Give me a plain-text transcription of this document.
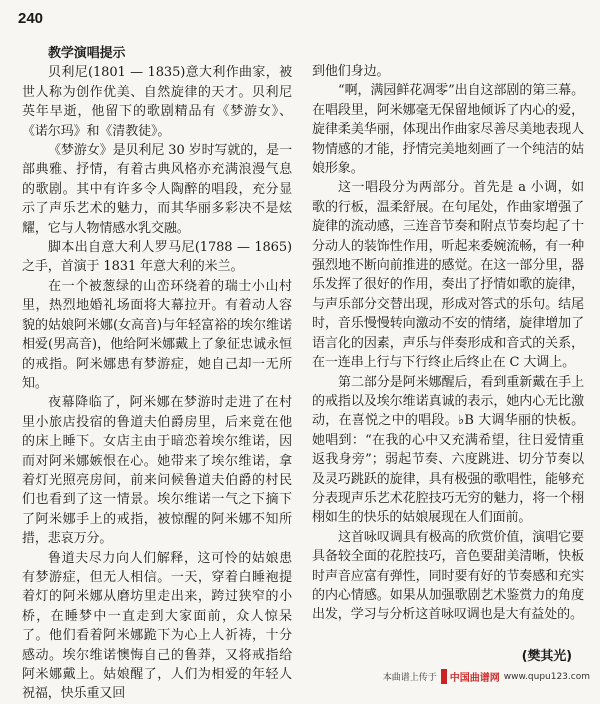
240

教学演唱提示

贝利尼(1801 — 1835)意大利作曲家，被世人称为创作优美、自然旋律的天才。贝利尼英年早逝，他留下的歌剧精品有《梦游女》、《诺尔玛》和《清教徒》。

《梦游女》是贝利尼 30 岁时写就的，是一部典雅、抒情，有着古典风格亦充满浪漫气息的歌剧。其中有许多令人陶醉的唱段，充分显示了声乐艺术的魅力，而其华丽多彩决不是炫耀，它与人物情感水乳交融。

脚本出自意大利人罗马尼(1788 — 1865)之手，首演于 1831 年意大利的米兰。

在一个被葱绿的山峦环绕着的瑞士小山村里，热烈地婚礼场面将大幕拉开。有着动人容貌的姑娘阿米娜(女高音)与年轻富裕的埃尔维诺相爱(男高音)，他给阿米娜戴上了象征忠诚永恒的戒指。阿米娜患有梦游症，她自己却一无所知。

夜幕降临了，阿米娜在梦游时走进了在村里小旅店投宿的鲁道夫伯爵房里，后来竟在他的床上睡下。女店主由于暗恋着埃尔维诺，因而对阿米娜嫉恨在心。她带来了埃尔维诺，拿着灯光照亮房间，前来问候鲁道夫伯爵的村民们也看到了这一情景。埃尔维诺一气之下摘下了阿米娜手上的戒指，被惊醒的阿米娜不知所措，悲哀万分。

鲁道夫尽力向人们解释，这可怜的姑娘患有梦游症，但无人相信。一天，穿着白睡袍提着灯的阿米娜从磨坊里走出来，跨过狭窄的小桥，在睡梦中一直走到大家面前，众人惊呆了。他们看着阿米娜跪下为心上人祈祷，十分感动。埃尔维诺懊悔自己的鲁莽，又将戒指给阿米娜戴上。姑娘醒了，人们为相爱的年轻人祝福，快乐重又回

到他们身边。

“啊，满园鲜花凋零”出自这部剧的第三幕。在唱段里，阿米娜毫无保留地倾诉了内心的爱，旋律柔美华丽，体现出作曲家尽善尽美地表现人物情感的才能，抒情完美地刻画了一个纯洁的姑娘形象。

这一唱段分为两部分。首先是 a 小调，如歌的行板，温柔舒展。在句尾处，作曲家增强了旋律的流动感，三连音节奏和附点节奏均起了十分动人的装饰性作用，听起来委婉流畅，有一种强烈地不断向前推进的感觉。在这一部分里，器乐发挥了很好的作用，奏出了抒情如歌的旋律，与声乐部分交替出现，形成对答式的乐句。结尾时，音乐慢慢转向激动不安的情绪，旋律增加了语言化的因素，声乐与伴奏形成和音式的关系，在一连串上行与下行终止后终止在 C 大调上。

第二部分是阿米娜醒后，看到重新戴在手上的戒指以及埃尔维诺真诚的表示，她内心无比激动，在喜悦之中的唱段。♭B 大调华丽的快板。她唱到：“在我的心中又充满希望，往日爱情重返我身旁”；弱起节奏、六度跳进、切分节奏以及灵巧跳跃的旋律，具有极强的歌唱性，能够充分表现声乐艺术花腔技巧无穷的魅力，将一个栩栩如生的快乐的姑娘展现在人们面前。

这首咏叹调具有极高的欣赏价值，演唱它要具备较全面的花腔技巧，音色要甜美清晰，快板时声音应富有弹性，同时要有好的节奏感和充实的内心情感。如果从加强歌剧艺术鉴赏力的角度出发，学习与分析这首咏叹调也是大有益处的。

(樊其光)
本曲谱上传于	中国曲谱网 www.qupu123.com
